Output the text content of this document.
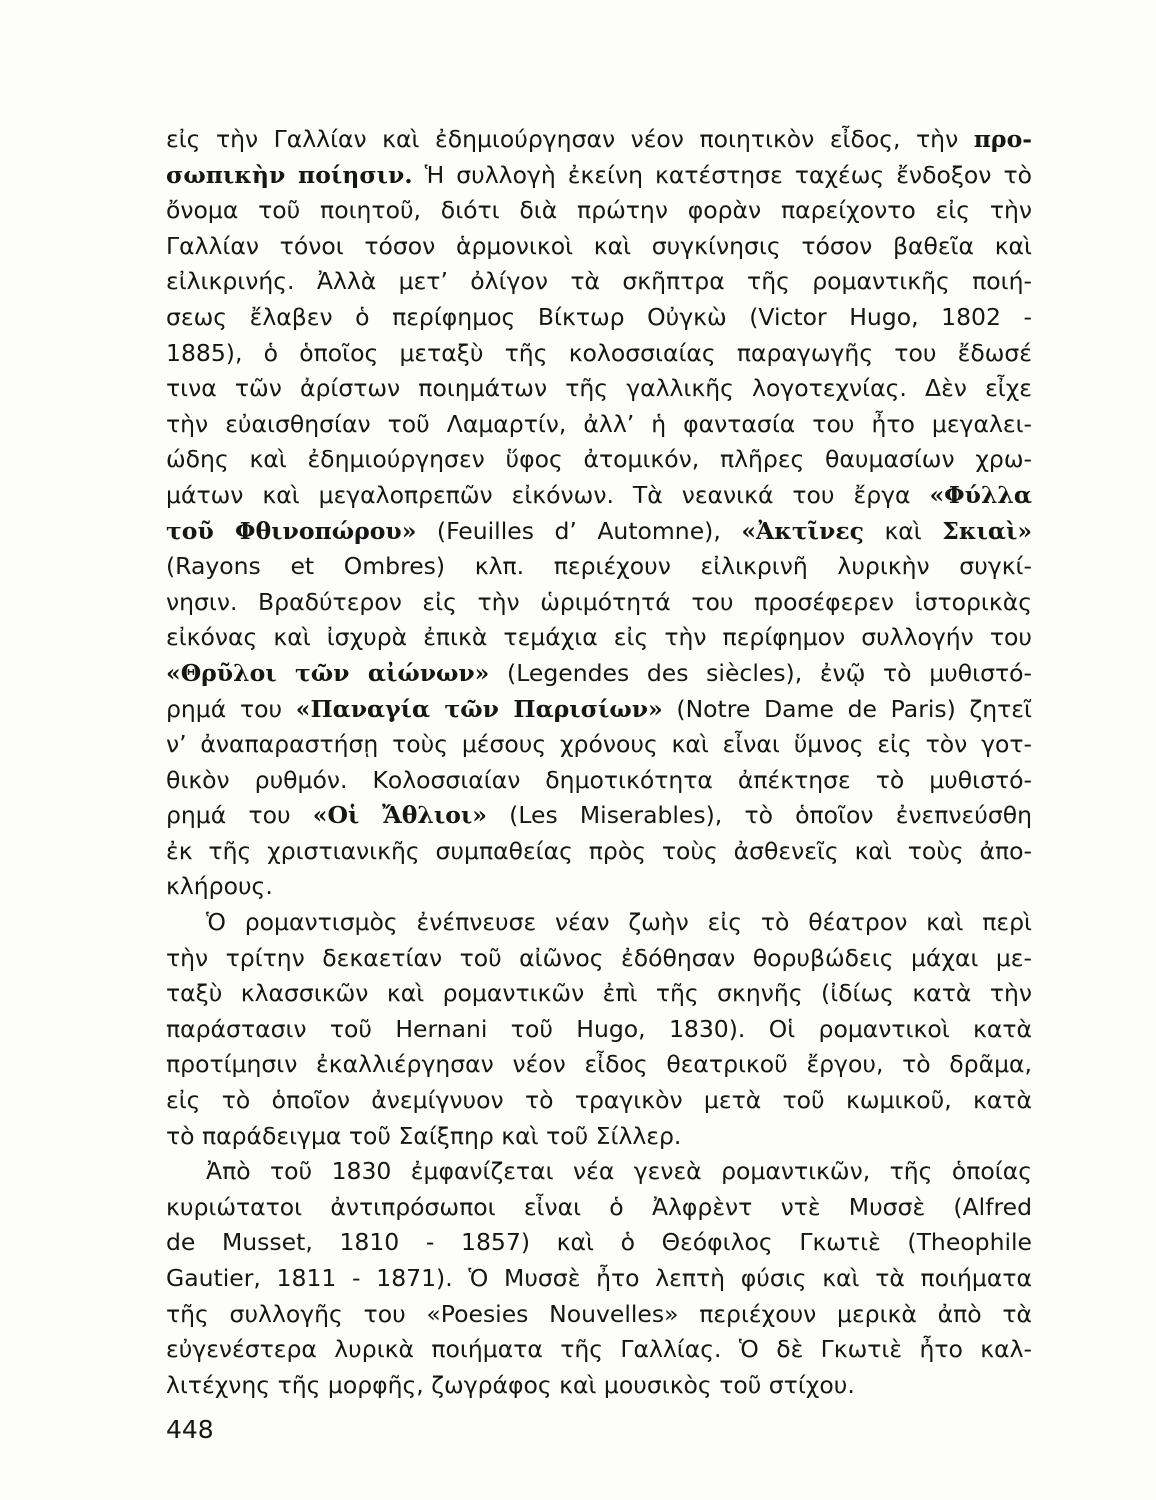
εἰς τὴν Γαλλίαν καὶ ἐδημιούργησαν νέον ποιητικὸν εἶδος, τὴν προ-
σωπικὴν ποίησιν. Ἡ συλλογὴ ἐκείνη κατέστησε ταχέως ἔνδοξον τὸ
ὄνομα τοῦ ποιητοῦ, διότι διὰ πρώτην φορὰν παρείχοντο εἰς τὴν
Γαλλίαν τόνοι τόσον ἁρμονικοὶ καὶ συγκίνησις τόσον βαθεῖα καὶ
εἰλικρινής. Ἀλλὰ μετ’ ὀλίγον τὰ σκῆπτρα τῆς ρομαντικῆς ποιή-
σεως ἔλαβεν ὁ περίφημος Βίκτωρ Οὐγκὼ (Victor Hugo, 1802 -
1885), ὁ ὁποῖος μεταξὺ τῆς κολοσσιαίας παραγωγῆς του ἔδωσέ
τινα τῶν ἀρίστων ποιημάτων τῆς γαλλικῆς λογοτεχνίας. Δὲν εἶχε
τὴν εὐαισθησίαν τοῦ Λαμαρτίν, ἀλλ’ ἡ φαντασία του ἦτο μεγαλει-
ώδης καὶ ἐδημιούργησεν ὕφος ἀτομικόν, πλῆρες θαυμασίων χρω-
μάτων καὶ μεγαλοπρεπῶν εἰκόνων. Τὰ νεανικά του ἔργα «Φύλλα
τοῦ Φθινοπώρου» (Feuilles d’ Automne), «Ἀκτῖνες καὶ Σκιαὶ»
(Rayons et Ombres) κλπ. περιέχουν εἰλικρινῆ λυρικὴν συγκί-
νησιν. Βραδύτερον εἰς τὴν ὡριμότητά του προσέφερεν ἱστορικὰς
εἰκόνας καὶ ἰσχυρὰ ἐπικὰ τεμάχια εἰς τὴν περίφημον συλλογήν του
«Θρῦλοι τῶν αἰώνων» (Legendes des siècles), ἐνῷ τὸ μυθιστό-
ρημά του «Παναγία τῶν Παρισίων» (Notre Dame de Paris) ζητεῖ
ν’ ἀναπαραστήσῃ τοὺς μέσους χρόνους καὶ εἶναι ὕμνος εἰς τὸν γοτ-
θικὸν ρυθμόν. Κολοσσιαίαν δημοτικότητα ἀπέκτησε τὸ μυθιστό-
ρημά του «Οἱ Ἄθλιοι» (Les Miserables), τὸ ὁποῖον ἐνεπνεύσθη
ἐκ τῆς χριστιανικῆς συμπαθείας πρὸς τοὺς ἀσθενεῖς καὶ τοὺς ἀπο-
κλήρους.
Ὁ ρομαντισμὸς ἐνέπνευσε νέαν ζωὴν εἰς τὸ θέατρον καὶ περὶ
τὴν τρίτην δεκαετίαν τοῦ αἰῶνος ἐδόθησαν θορυβώδεις μάχαι με-
ταξὺ κλασσικῶν καὶ ρομαντικῶν ἐπὶ τῆς σκηνῆς (ἰδίως κατὰ τὴν
παράστασιν τοῦ Hernani τοῦ Hugo, 1830). Οἱ ρομαντικοὶ κατὰ
προτίμησιν ἐκαλλιέργησαν νέον εἶδος θεατρικοῦ ἔργου, τὸ δρᾶμα,
εἰς τὸ ὁποῖον ἀνεμίγνυον τὸ τραγικὸν μετὰ τοῦ κωμικοῦ, κατὰ
τὸ παράδειγμα τοῦ Σαίξπηρ καὶ τοῦ Σίλλερ.
Ἀπὸ τοῦ 1830 ἐμφανίζεται νέα γενεὰ ρομαντικῶν, τῆς ὁποίας
κυριώτατοι ἀντιπρόσωποι εἶναι ὁ Ἀλφρὲντ ντὲ Μυσσὲ (Alfred
de Musset, 1810 - 1857) καὶ ὁ Θεόφιλος Γκωτιὲ (Theophile
Gautier, 1811 - 1871). Ὁ Μυσσὲ ἦτο λεπτὴ φύσις καὶ τὰ ποιήματα
τῆς συλλογῆς του «Poesies Nouvelles» περιέχουν μερικὰ ἀπὸ τὰ
εὐγενέστερα λυρικὰ ποιήματα τῆς Γαλλίας. Ὁ δὲ Γκωτιὲ ἦτο καλ-
λιτέχνης τῆς μορφῆς, ζωγράφος καὶ μουσικὸς τοῦ στίχου.
448
